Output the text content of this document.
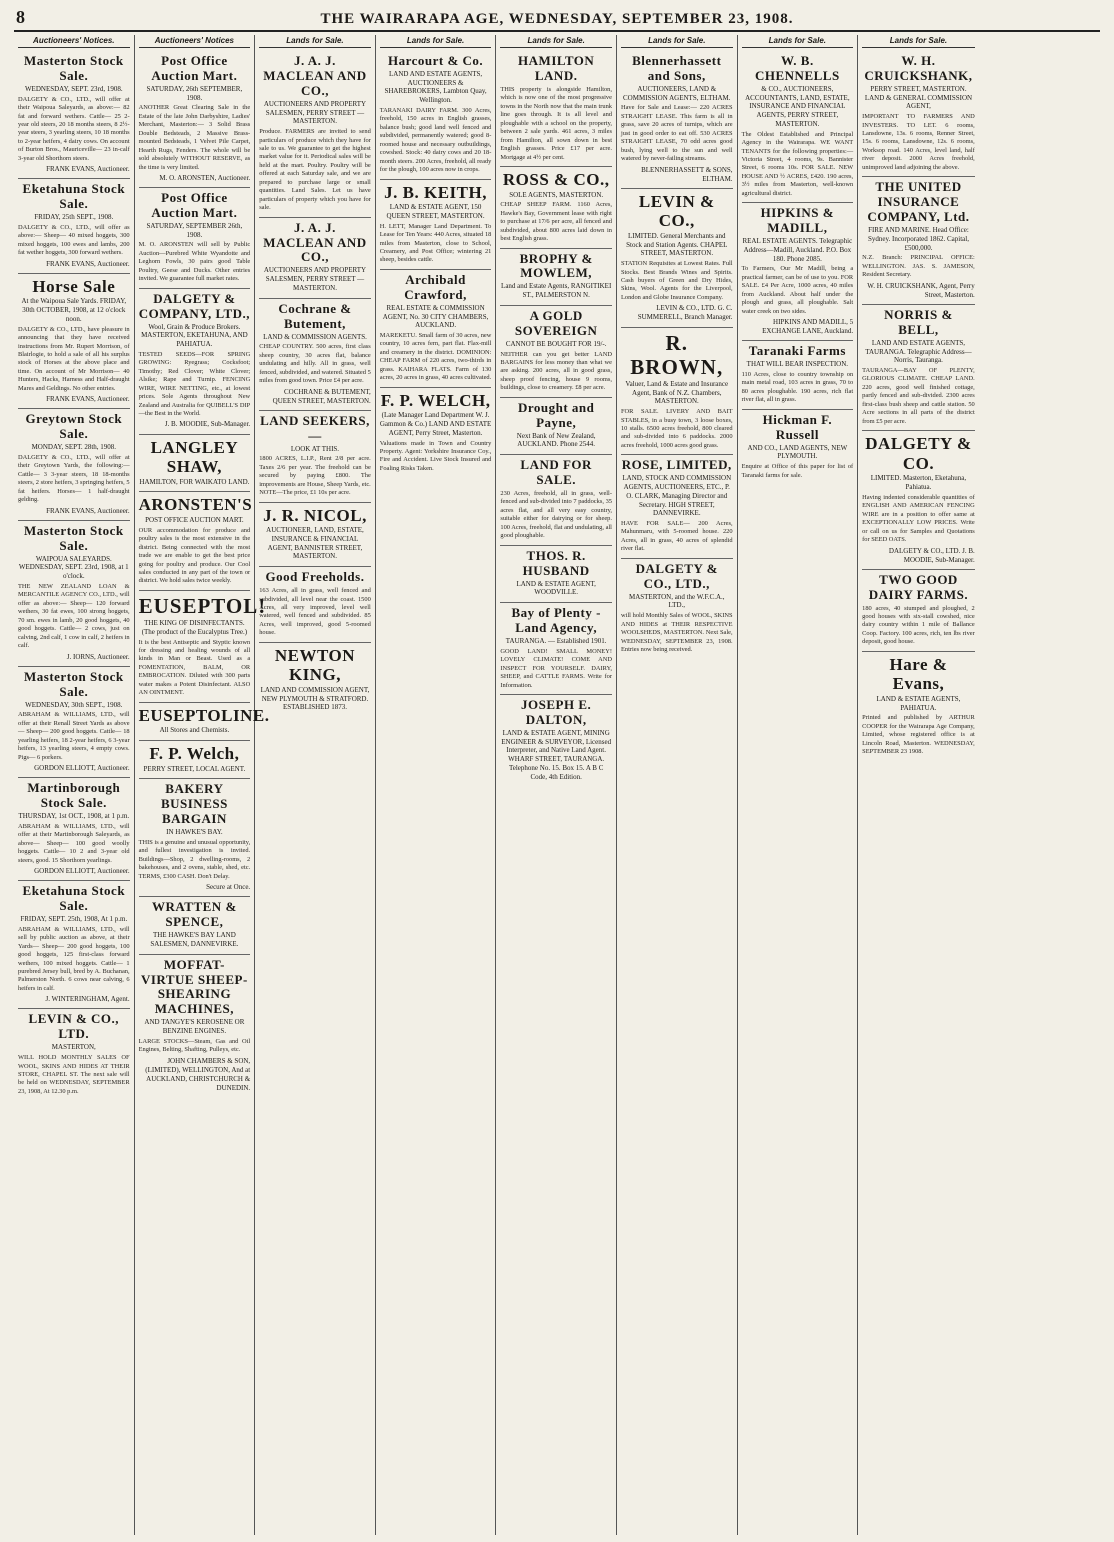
8	THE WAIRARAPA AGE, WEDNESDAY, SEPTEMBER 23, 1908.
Auctioneers' Notices.
Masterton Stock Sale.
WEDNESDAY, SEPT. 23rd, 1908.
DALGETY & CO., LTD., will offer at their Waipoua Saleyards, as above:— 82 fat and forward wethers. Cattle— 25 2-year old steers, 20 18 months steers, 8 2½-year steers, 3 yearling steers, 10 18 months to 2-year heifers, 4 dairy cows. On account of Burton Bros., Mauriceville— 23 in-calf 3-year old Shorthorn steers.
FRANK EVANS, Auctioneer.
Eketahuna Stock Sale.
FRIDAY, 25th SEPT., 1908.
DALGETY & CO., LTD., will offer as above:— Sheep— 40 mixed hoggets, 300 mixed hoggets, 100 ewes and lambs, 200 fat wether hoggets, 300 forward wethers.
FRANK EVANS, Auctioneer.
Horse Sale
At the Waipoua Sale Yards. FRIDAY, 30th OCTOBER, 1908, at 12 o'clock noon.
DALGETY & CO., LTD., have pleasure in announcing that they have received instructions from Mr. Rupert Morrison, of Blairlogie, to hold a sale of all his surplus stock of Horses at the above place and time. On account of Mr Morrison— 40 Hunters, Hacks, Harness and Half-draught Mares and Geldings. No other entries.
FRANK EVANS, Auctioneer.
Greytown Stock Sale.
MONDAY, SEPT. 28th, 1908.
DALGETY & CO., LTD., will offer at their Greytown Yards, the following:— Cattle— 3 3-year steers, 18 18-months steers, 2 store heifers, 3 springing heifers, 5 fat heifers. Horses— 1 half-draught gelding.
FRANK EVANS, Auctioneer.
Masterton Stock Sale.
WAIPOUA SALEYARDS. WEDNESDAY, SEPT. 23rd, 1908, at 1 o'clock.
THE NEW ZEALAND LOAN & MERCANTILE AGENCY CO., LTD., will offer as above:— Sheep— 120 forward wethers, 30 fat ewes, 100 strong hoggets, 70 sm. ewes in lamb, 20 good hoggets, 40 good hoggets. Cattle— 2 cows, just on calving, 2nd calf, 1 cow in calf, 2 heifers in calf.
J. IORNS, Auctioneer.
Masterton Stock Sale.
WEDNESDAY, 30th SEPT., 1908.
ABRAHAM & WILLIAMS, LTD., will offer at their Renall Street Yards as above— Sheep— 200 good hoggets. Cattle— 18 yearling heifers, 18 2-year heifers, 6 3-year heifers, 13 yearling steers, 4 empty cows. Pigs— 6 porkers.
GORDON ELLIOTT, Auctioneer.
Martinborough Stock Sale.
THURSDAY, 1st OCT., 1908, at 1 p.m.
ABRAHAM & WILLIAMS, LTD., will offer at their Martinborough Saleyards, as above— Sheep— 100 good woolly hoggets. Cattle— 10 2 and 3-year old steers, good. 15 Shorthorn yearlings.
GORDON ELLIOTT, Auctioneer.
Eketahuna Stock Sale.
FRIDAY, SEPT. 25th, 1908, At 1 p.m.
ABRAHAM & WILLIAMS, LTD., will sell by public auction as above, at their Yards— Sheep— 200 good hoggets, 100 good hoggets, 125 first-class forward wethers, 100 mixed hoggets. Cattle— 1 purebred Jersey bull, bred by A. Buchanan, Palmerston North. 6 cows near calving, 6 heifers in calf.
J. WINTERINGHAM, Agent.
LEVIN & CO., LTD.
MASTERTON,
WILL HOLD MONTHLY SALES OF WOOL, SKINS AND HIDES AT THEIR STORE, CHAPEL ST. The next sale will be held on WEDNESDAY, SEPTEMBER 23, 1908, At 12.30 p.m.
Auctioneers' Notices
Post Office Auction Mart.
SATURDAY, 26th SEPTEMBER, 1908.
ANOTHER Great Clearing Sale in the Estate of the late John Darbyshire, Ladies' Merchant, Masterton:— 3 Solid Brass Double Bedsteads, 2 Massive Brass-mounted Bedsteads, 1 Velvet Pile Carpet, Hearth Rugs, Fenders. The whole will be sold absolutely WITHOUT RESERVE, as the time is very limited.
M. O. ARONSTEN, Auctioneer.
Post Office Auction Mart.
SATURDAY, SEPTEMBER 26th, 1908.
M. O. ARONSTEN will sell by Public Auction—Purebred White Wyandotte and Leghorn Fowls, 30 pairs good Table Poultry, Geese and Ducks. Other entries invited. We guarantee full market rates.
DALGETY & COMPANY, LTD.,
Wool, Grain & Produce Brokers. MASTERTON, EKETAHUNA, AND PAHIATUA.
TESTED SEEDS—FOR SPRING GROWING: Ryegrass; Cocksfoot; Timothy; Red Clover; White Clover; Alsike; Rape and Turnip. FENCING WIRE, WIRE NETTING, etc., at lowest prices. Sole Agents throughout New Zealand and Australia for QUIBELL'S DIP—the Best in the World.
J. B. MOODIE, Sub-Manager.
LANGLEY SHAW,
HAMILTON, FOR WAIKATO LAND.
ARONSTEN'S
POST OFFICE AUCTION MART.
OUR accommodation for produce and poultry sales is the most extensive in the district. Being connected with the most trade we are enable to get the best price going for poultry and produce. Our Cool sales conducted in any part of the town or district. We hold sales twice weekly.
EUSEPTOL!
THE KING OF DISINFECTANTS. (The product of the Eucalyptus Tree.)
It is the best Antiseptic and Styptic known for dressing and healing wounds of all kinds in Man or Beast. Used as a FOMENTATION, BALM, OR EMBROCATION. Diluted with 300 parts water makes a Potent Disinfectant. ALSO AN OINTMENT.
EUSEPTOLINE.
All Stores and Chemists.
F. P. Welch,
PERRY STREET, LOCAL AGENT.
BAKERY BUSINESS BARGAIN
IN HAWKE'S BAY.
THIS is a genuine and unusual opportunity, and fullest investigation is invited. Buildings—Shop, 2 dwelling-rooms, 2 bakehouses, and 2 ovens, stable, shed, etc. TERMS, £300 CASH. Don't Delay.
Secure at Once.
WRATTEN & SPENCE,
THE HAWKE'S BAY LAND SALESMEN, DANNEVIRKE.
MOFFAT-VIRTUE SHEEP-SHEARING MACHINES,
AND TANGYE'S KEROSENE OR BENZINE ENGINES.
LARGE STOCKS—Steam, Gas and Oil Engines, Belting, Shafting, Pulleys, etc.
JOHN CHAMBERS & SON, (LIMITED), WELLINGTON, And at AUCKLAND, CHRISTCHURCH & DUNEDIN.
Lands for Sale.
J. A. J. MACLEAN AND CO.,
AUCTIONEERS AND PROPERTY SALESMEN, PERRY STREET — MASTERTON.
Produce. FARMERS are invited to send particulars of produce which they have for sale to us. We guarantee to get the highest market value for it. Periodical sales will be held at the mart. Poultry. Poultry will be offered at each Saturday sale, and we are prepared to purchase large or small quantities. Land Sales. Let us have particulars of property which you have for sale.
J. A. J. MACLEAN AND CO.,
AUCTIONEERS AND PROPERTY SALESMEN, PERRY STREET — MASTERTON.
Cochrane & Butement,
LAND & COMMISSION AGENTS.
CHEAP COUNTRY. 500 acres, first class sheep country, 30 acres flat, balance undulating and hilly. All in grass, well fenced, subdivided, and watered. Situated 5 miles from good town. Price £4 per acre.
COCHRANE & BUTEMENT, QUEEN STREET, MASTERTON.
LAND SEEKERS,—
LOOK AT THIS.
1800 ACRES, L.I.P., Rent 2/8 per acre. Taxes 2/6 per year. The freehold can be secured by paying £800. The improvements are House, Sheep Yards, etc. NOTE—The price, £1 10s per acre.
J. R. NICOL,
AUCTIONEER, LAND, ESTATE, INSURANCE & FINANCIAL AGENT, BANNISTER STREET, MASTERTON.
Good Freeholds.
163 Acres, all in grass, well fenced and subdivided, all level near the coast. 1500 Acres, all very improved, level well watered, well fenced and subdivided. 85 Acres, well improved, good 5-roomed house.
NEWTON KING,
LAND AND COMMISSION AGENT, NEW PLYMOUTH & STRATFORD. ESTABLISHED 1873.
Lands for Sale.
Harcourt & Co.
LAND AND ESTATE AGENTS, AUCTIONEERS & SHAREBROKERS, Lambton Quay, Wellington.
TARANAKI DAIRY FARM. 300 Acres, freehold, 150 acres in English grasses, balance bush; good land well fenced and subdivided, permanently watered; good 8-roomed house and necessary outbuildings, cowshed. Stock: 40 dairy cows and 20 18-month steers. 200 Acres, freehold, all ready for the plough, 100 acres now in crops.
J. B. KEITH,
LAND & ESTATE AGENT, 150 QUEEN STREET, MASTERTON.
H. LETT, Manager Land Department. To Lease for Ten Years: 440 Acres, situated 18 miles from Masterton, close to School, Creamery, and Post Office; wintering 21 sheep, besides cattle.
Archibald Crawford,
REAL ESTATE & COMMISSION AGENT, No. 30 CITY CHAMBERS, AUCKLAND.
MAREKETU. Small farm of 30 acres, new country, 10 acres fern, part flat. Flax-mill and creamery in the district. DOMINION: CHEAP FARM of 220 acres, two-thirds in grass. KAIHARA FLATS. Farm of 130 acres, 20 acres in grass, 40 acres cultivated.
F. P. WELCH,
(Late Manager Land Department W. J. Gammon & Co.) LAND AND ESTATE AGENT, Perry Street, Masterton.
Valuations made in Town and Country Property. Agent: Yorkshire Insurance Coy., Fire and Accident. Live Stock Insured and Foaling Risks Taken.
Lands for Sale.
HAMILTON LAND.
THIS property is alongside Hamilton, which is now one of the most progressive towns in the North now that the main trunk line goes through. It is all level and ploughable with a school on the property, between 2 sale yards. 461 acres, 3 miles from Hamilton, all sown down in best English grasses. Price £17 per acre. Mortgage at 4½ per cent.
ROSS & CO.,
SOLE AGENTS, MASTERTON.
CHEAP SHEEP FARM. 1160 Acres, Hawke's Bay, Government lease with right to purchase at 17/6 per acre, all fenced and subdivided, about 800 acres laid down in best English grass.
BROPHY & MOWLEM,
Land and Estate Agents, RANGITIKEI ST., PALMERSTON N.
A GOLD SOVEREIGN
CANNOT BE BOUGHT FOR 19/-.
NEITHER can you get better LAND BARGAINS for less money than what we are asking. 200 acres, all in good grass, sheep proof fencing, house 9 rooms, buildings, close to creamery. £8 per acre.
Drought and Payne,
Next Bank of New Zealand, AUCKLAND. Phone 2544.
LAND FOR SALE.
230 Acres, freehold, all in grass, well-fenced and sub-divided into 7 paddocks, 35 acres flat, and all very easy country, suitable either for dairying or for sheep. 100 Acres, freehold, flat and undulating, all good ploughable.
THOS. R. HUSBAND
LAND & ESTATE AGENT, WOODVILLE.
Bay of Plenty - Land Agency,
TAURANGA. — Established 1901.
GOOD LAND! SMALL MONEY! LOVELY CLIMATE! COME AND INSPECT FOR YOURSELF. DAIRY, SHEEP, and CATTLE FARMS. Write for Information.
JOSEPH E. DALTON,
LAND & ESTATE AGENT, MINING ENGINEER & SURVEYOR, Licensed Interpreter, and Native Land Agent. WHARF STREET, TAURANGA. Telephone No. 15. Box 15. A B C Code, 4th Edition.
Lands for Sale.
Blennerhassett and Sons,
AUCTIONEERS, LAND & COMMISSION AGENTS, ELTHAM.
Have for Sale and Lease:— 220 ACRES STRAIGHT LEASE. This farm is all in grass, save 20 acres of turnips, which are just in good order to eat off. 530 ACRES STRAIGHT LEASE, 70 odd acres good bush, lying well to the sun and well watered by never-failing streams.
BLENNERHASSETT & SONS, ELTHAM.
LEVIN & CO.,
LIMITED. General Merchants and Stock and Station Agents. CHAPEL STREET, MASTERTON.
STATION Requisites at Lowest Rates. Full Stocks. Best Brands Wines and Spirits. Cash buyers of Green and Dry Hides, Skins, Wool. Agents for the Liverpool, London and Globe Insurance Company.
LEVIN & CO., LTD. G. C. SUMMERELL, Branch Manager.
R. BROWN,
Valuer, Land & Estate and Insurance Agent, Bank of N.Z. Chambers, MASTERTON.
FOR SALE. LIVERY AND BAIT STABLES, in a busy town, 3 loose boxes, 10 stalls. 6500 acres freehold, 800 cleared and sub-divided into 6 paddocks. 2000 acres freehold, 1000 acres good grass.
ROSE, LIMITED,
LAND, STOCK AND COMMISSION AGENTS, AUCTIONEERS, ETC., P. O. CLARK, Managing Director and Secretary. HIGH STREET, DANNEVIRKE.
HAVE FOR SALE— 200 Acres, Mahunmaru, with 5-roomed house. 220 Acres, all in grass, 40 acres of splendid river flat.
DALGETY & CO., LTD.,
MASTERTON, and the W.F.C.A., LTD.,
will hold Monthly Sales of WOOL, SKINS AND HIDES at THEIR RESPECTIVE WOOLSHEDS, MASTERTON. Next Sale, WEDNESDAY, SEPTEMBER 23, 1908. Entries now being received.
Lands for Sale.
W. B. CHENNELLS
& CO., AUCTIONEERS, ACCOUNTANTS, LAND, ESTATE, INSURANCE AND FINANCIAL AGENTS, PERRY STREET, MASTERTON.
The Oldest Established and Principal Agency in the Wairarapa. WE WANT TENANTS for the following properties:— Victoria Street, 4 rooms, 9s. Bannister Street, 6 rooms 10s. FOR SALE. NEW HOUSE AND ½ ACRES, £420. 190 acres, 3½ miles from Masterton, well-known agricultural district.
HIPKINS & MADILL,
REAL ESTATE AGENTS. Telegraphic Address—Madill, Auckland. P.O. Box 180. Phone 2085.
To Farmers, Our Mr Madill, being a practical farmer, can be of use to you. FOR SALE. £4 Per Acre, 1000 acres, 40 miles from Auckland. About half under the plough and grass, all ploughable. Salt water creek on two sides.
HIPKINS AND MADILL, 5 EXCHANGE LANE, Auckland.
Taranaki Farms
THAT WILL BEAR INSPECTION.
110 Acres, close to country township on main metal road, 103 acres in grass, 70 to 80 acres ploughable. 190 acres, rich flat river flat, all in grass.
Hickman F. Russell
AND CO., LAND AGENTS, NEW PLYMOUTH.
Enquire at Office of this paper for list of Taranaki farms for sale.
Lands for Sale.
W. H. CRUICKSHANK,
PERRY STREET, MASTERTON. LAND & GENERAL COMMISSION AGENT,
IMPORTANT TO FARMERS AND INVESTERS. TO LET. 6 rooms, Lansdowne, 13s. 6 rooms, Renner Street, 15s. 6 rooms, Lansdowne, 12s. 6 rooms, Worksop road. 140 Acres, level land, half river deposit. 2000 Acres freehold, unimproved land adjoining the above.
THE UNITED INSURANCE COMPANY, Ltd.
FIRE AND MARINE. Head Office: Sydney. Incorporated 1862. Capital, £500,000.
N.Z. Branch: PRINCIPAL OFFICE: WELLINGTON. JAS. S. JAMESON, Resident Secretary.
W. H. CRUICKSHANK, Agent, Perry Street, Masterton.
NORRIS & BELL,
LAND AND ESTATE AGENTS, TAURANGA. Telegraphic Address—Norris, Tauranga.
TAURANGA—BAY OF PLENTY, GLORIOUS CLIMATE. CHEAP LAND. 220 acres, good well finished cottage, partly fenced and sub-divided. 2300 acres first-class bush sheep and cattle station. 50 Acre sections in all parts of the district from £5 per acre.
DALGETY & CO.
LIMITED. Masterton, Eketahuna, Pahiatua.
Having indented considerable quantities of ENGLISH AND AMERICAN FENCING WIRE are in a position to offer same at EXCEPTIONALLY LOW PRICES. Write or call on us for Samples and Quotations for SEED OATS.
DALGETY & CO., LTD. J. B. MOODIE, Sub-Manager.
TWO GOOD DAIRY FARMS.
180 acres, 40 stumped and ploughed, 2 good houses with six-stall cowshed, nice dairy country within 1 mile of Ballance Coop. Factory. 100 acres, rich, ten lbs river deposit, good house.
Hare & Evans,
LAND & ESTATE AGENTS, PAHIATUA.
Printed and published by ARTHUR COOPER for the Wairarapa Age Company, Limited, whose registered office is at Lincoln Road, Masterton. WEDNESDAY, SEPTEMBER 23 1908.
